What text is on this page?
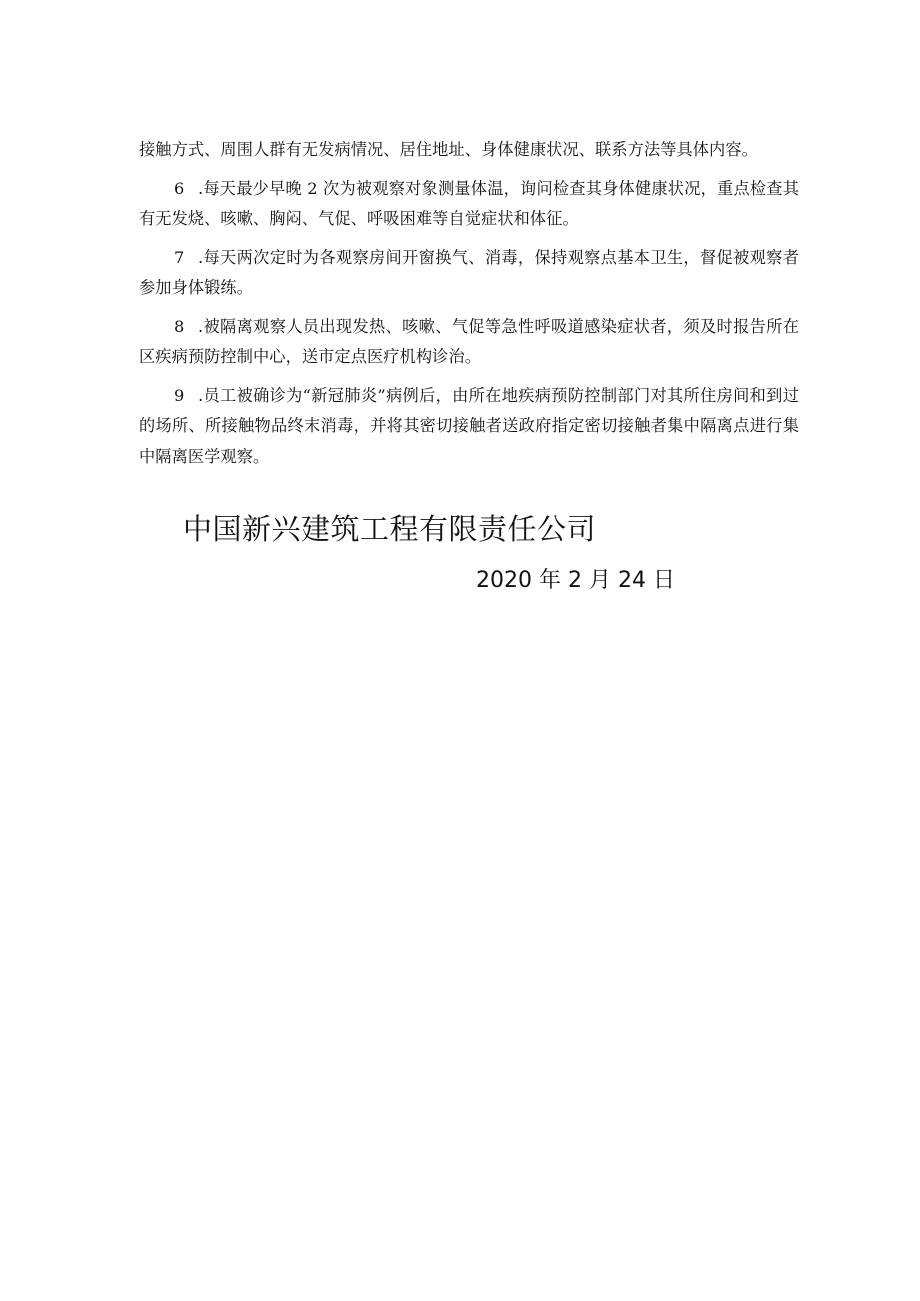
接触方式、周围人群有无发病情况、居住地址、身体健康状况、联系方法等具体内容。

6 .每天最少早晚 2 次为被观察对象测量体温，询问检查其身体健康状况，重点检查其有无发烧、咳嗽、胸闷、气促、呼吸困难等自觉症状和体征。

7 .每天两次定时为各观察房间开窗换气、消毒，保持观察点基本卫生，督促被观察者参加身体锻练。

8 .被隔离观察人员出现发热、咳嗽、气促等急性呼吸道感染症状者，须及时报告所在区疾病预防控制中心，送市定点医疗机构诊治。

9 .员工被确诊为“新冠肺炎”病例后，由所在地疾病预防控制部门对其所住房间和到过的场所、所接触物品终末消毒，并将其密切接触者送政府指定密切接触者集中隔离点进行集中隔离医学观察。

中国新兴建筑工程有限责任公司
2020 年 2 月 24 日
